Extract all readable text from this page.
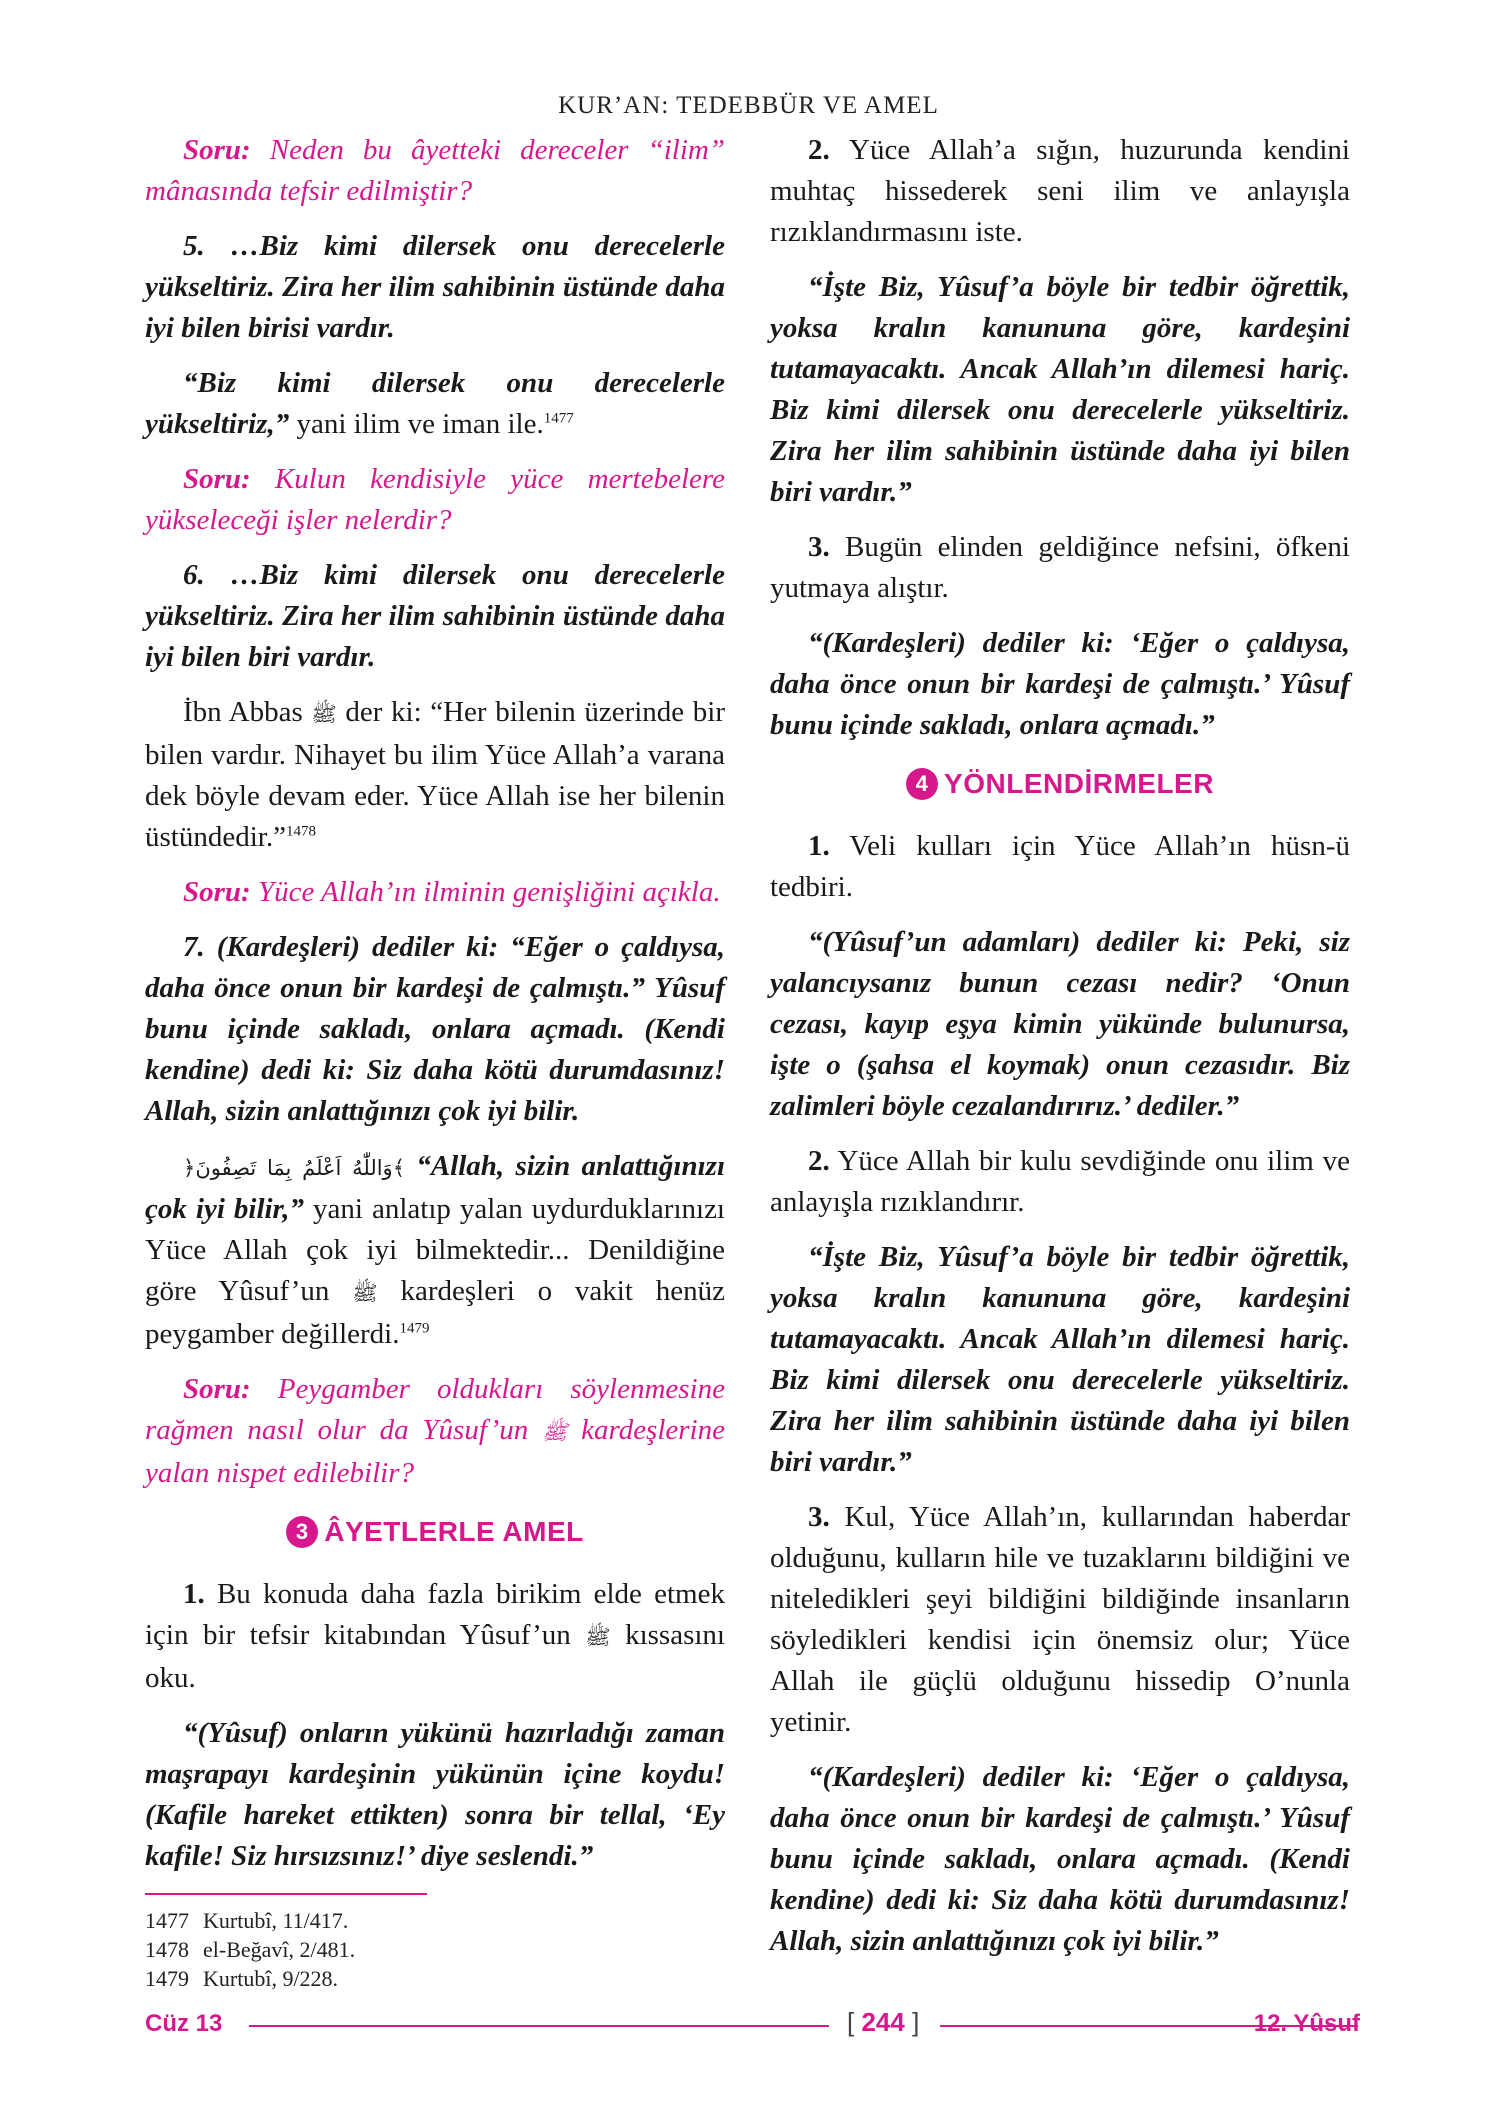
KUR’AN: TEDEBBÜR VE AMEL

Soru: Neden bu âyetteki dereceler “ilim” mânasında tefsir edilmiştir?

5. …Biz kimi dilersek onu derecelerle yükseltiriz. Zira her ilim sahibinin üstünde daha iyi bilen birisi vardır.

“Biz kimi dilersek onu derecelerle yükseltiriz,” yani ilim ve iman ile.$^{1477}$

Soru: Kulun kendisiyle yüce mertebelere yükseleceği işler nelerdir?

6. …Biz kimi dilersek onu derecelerle yükseltiriz. Zira her ilim sahibinin üstünde daha iyi bilen biri vardır.

İbn Abbas ﷺ der ki: “Her bilenin üzerinde bir bilen vardır. Nihayet bu ilim Yüce Allah’a varana dek böyle devam eder. Yüce Allah ise her bilenin üstündedir.”$^{1478}$

Soru: Yüce Allah’ın ilminin genişliğini açıkla.

7. (Kardeşleri) dediler ki: “Eğer o çaldıysa, daha önce onun bir kardeşi de çalmıştı.” Yûsuf bunu içinde sakladı, onlara açmadı. (Kendi kendine) dedi ki: Siz daha kötü durumdasınız! Allah, sizin anlattığınızı çok iyi bilir.

﴿وَاللّٰهُ اَعْلَمُ بِمَا تَصِفُونَ﴾ “Allah, sizin anlattığınızı çok iyi bilir,” yani anlatıp yalan uydurduklarınızı Yüce Allah çok iyi bilmektedir... Denildiğine göre Yûsuf’un ﷺ kardeşleri o vakit henüz peygamber değillerdi.$^{1479}$

Soru: Peygamber oldukları söylenmesine rağmen nasıl olur da Yûsuf’un ﷺ kardeşlerine yalan nispet edilebilir?

3 ÂYETLERLE AMEL

1. Bu konuda daha fazla birikim elde etmek için bir tefsir kitabından Yûsuf’un ﷺ kıssasını oku.

“(Yûsuf) onların yükünü hazırladığı zaman maşrapayı kardeşinin yükünün içine koydu! (Kafile hareket ettikten) sonra bir tellal, ‘Ey kafile! Siz hırsızsınız!’ diye seslendi.”

2. Yüce Allah’a sığın, huzurunda kendini muhtaç hissederek seni ilim ve anlayışla rızıklandırmasını iste.

“İşte Biz, Yûsuf’a böyle bir tedbir öğrettik, yoksa kralın kanununa göre, kardeşini tutamayacaktı. Ancak Allah’ın dilemesi hariç. Biz kimi dilersek onu derecelerle yükseltiriz. Zira her ilim sahibinin üstünde daha iyi bilen biri vardır.”

3. Bugün elinden geldiğince nefsini, öfkeni yutmaya alıştır.

“(Kardeşleri) dediler ki: ‘Eğer o çaldıysa, daha önce onun bir kardeşi de çalmıştı.’ Yûsuf bunu içinde sakladı, onlara açmadı.”

4 YÖNLENDİRMELER

1. Veli kulları için Yüce Allah’ın hüsn-ü tedbiri.

“(Yûsuf’un adamları) dediler ki: Peki, siz yalancıysanız bunun cezası nedir? ‘Onun cezası, kayıp eşya kimin yükünde bulunursa, işte o (şahsa el koymak) onun cezasıdır. Biz zalimleri böyle cezalandırırız.’ dediler.”

2. Yüce Allah bir kulu sevdiğinde onu ilim ve anlayışla rızıklandırır.

“İşte Biz, Yûsuf’a böyle bir tedbir öğrettik, yoksa kralın kanununa göre, kardeşini tutamayacaktı. Ancak Allah’ın dilemesi hariç. Biz kimi dilersek onu derecelerle yükseltiriz. Zira her ilim sahibinin üstünde daha iyi bilen biri vardır.”

3. Kul, Yüce Allah’ın, kullarından haberdar olduğunu, kulların hile ve tuzaklarını bildiğini ve niteledikleri şeyi bildiğini bildiğinde insanların söyledikleri kendisi için önemsiz olur; Yüce Allah ile güçlü olduğunu hissedip O’nunla yetinir.

“(Kardeşleri) dediler ki: ‘Eğer o çaldıysa, daha önce onun bir kardeşi de çalmıştı.’ Yûsuf bunu içinde sakladı, onlara açmadı. (Kendi kendine) dedi ki: Siz daha kötü durumdasınız! Allah, sizin anlattığınızı çok iyi bilir.”

1477 Kurtubî, 11/417.
1478 el-Beğavî, 2/481.
1479 Kurtubî, 9/228.
Cüz 13	[ 244 ]	12. Yûsuf
